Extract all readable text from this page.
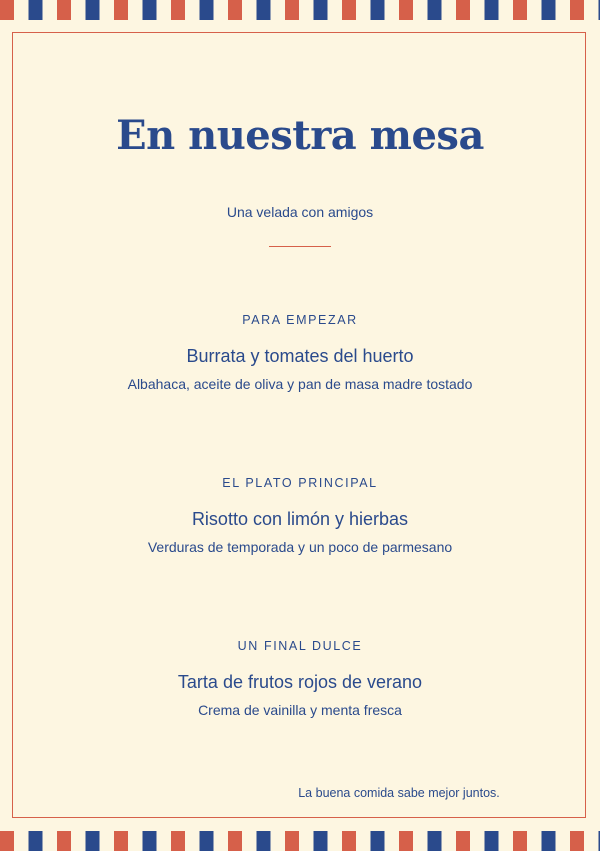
En nuestra mesa
Una velada con amigos
PARA EMPEZAR
Burrata y tomates del huerto
Albahaca, aceite de oliva y pan de masa madre tostado
EL PLATO PRINCIPAL
Risotto con limón y hierbas
Verduras de temporada y un poco de parmesano
UN FINAL DULCE
Tarta de frutos rojos de verano
Crema de vainilla y menta fresca
La buena comida sabe mejor juntos.
